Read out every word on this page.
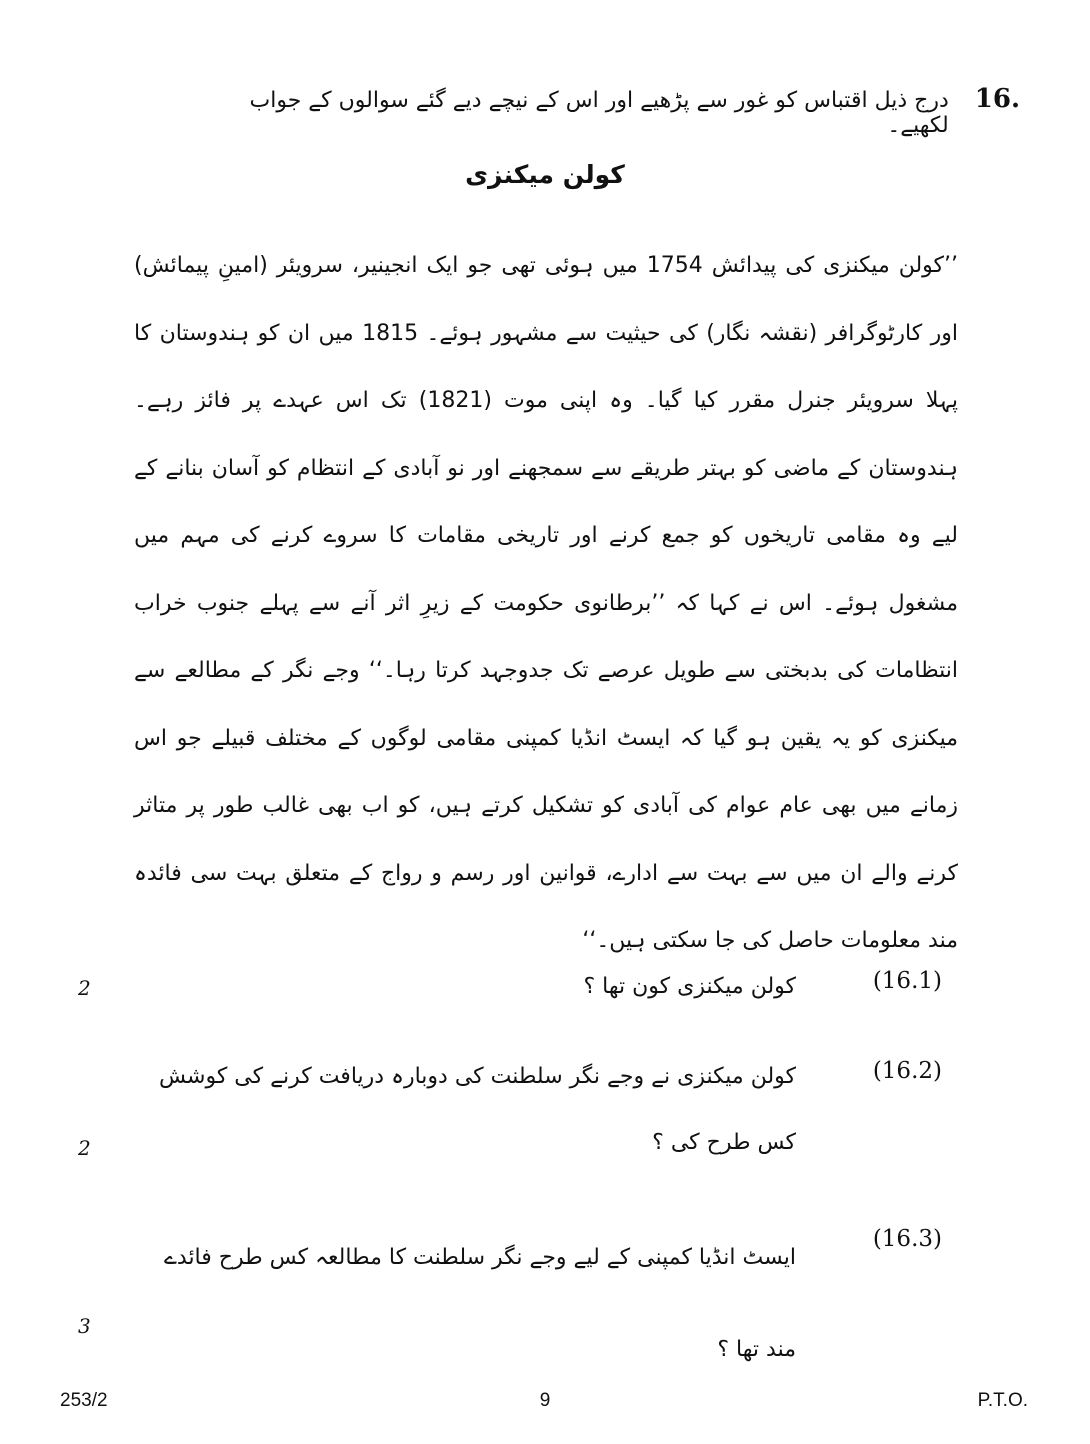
16.
درج ذیل اقتباس کو غور سے پڑھیے اور اس کے نیچے دیے گئے سوالوں کے جواب لکھیے۔
کولن میکنزی

’’کولن میکنزی کی پیدائش 1754 میں ہوئی تھی جو ایک انجینیر، سرویئر (امینِ پیمائش) اور کارٹوگرافر (نقشہ نگار) کی حیثیت سے مشہور ہوئے۔ 1815 میں ان کو ہندوستان کا پہلا سرویئر جنرل مقرر کیا گیا۔ وہ اپنی موت (1821) تک اس عہدے پر فائز رہے۔ ہندوستان کے ماضی کو بہتر طریقے سے سمجھنے اور نو آبادی کے انتظام کو آسان بنانے کے لیے وہ مقامی تاریخوں کو جمع کرنے اور تاریخی مقامات کا سروے کرنے کی مہم میں مشغول ہوئے۔ اس نے کہا کہ ’’برطانوی حکومت کے زیرِ اثر آنے سے پہلے جنوب خراب انتظامات کی بدبختی سے طویل عرصے تک جدوجہد کرتا رہا۔‘‘ وجے نگر کے مطالعے سے میکنزی کو یہ یقین ہو گیا کہ ایسٹ انڈیا کمپنی مقامی لوگوں کے مختلف قبیلے جو اس زمانے میں بھی عام عوام کی آبادی کو تشکیل کرتے ہیں، کو اب بھی غالب طور پر متاثر کرنے والے ان میں سے بہت سے ادارے، قوانین اور رسم و رواج کے متعلق بہت سی فائدہ مند معلومات حاصل کی جا سکتی ہیں۔‘‘

(16.1)
کولن میکنزی کون تھا ؟
2
(16.2)
کولن میکنزی نے وجے نگر سلطنت کی دوبارہ دریافت کرنے کی کوشش کس طرح کی ؟
2
(16.3)
ایسٹ انڈیا کمپنی کے لیے وجے نگر سلطنت کا مطالعہ کس طرح فائدے مند تھا ؟
3
253/2	9	P.T.O.
